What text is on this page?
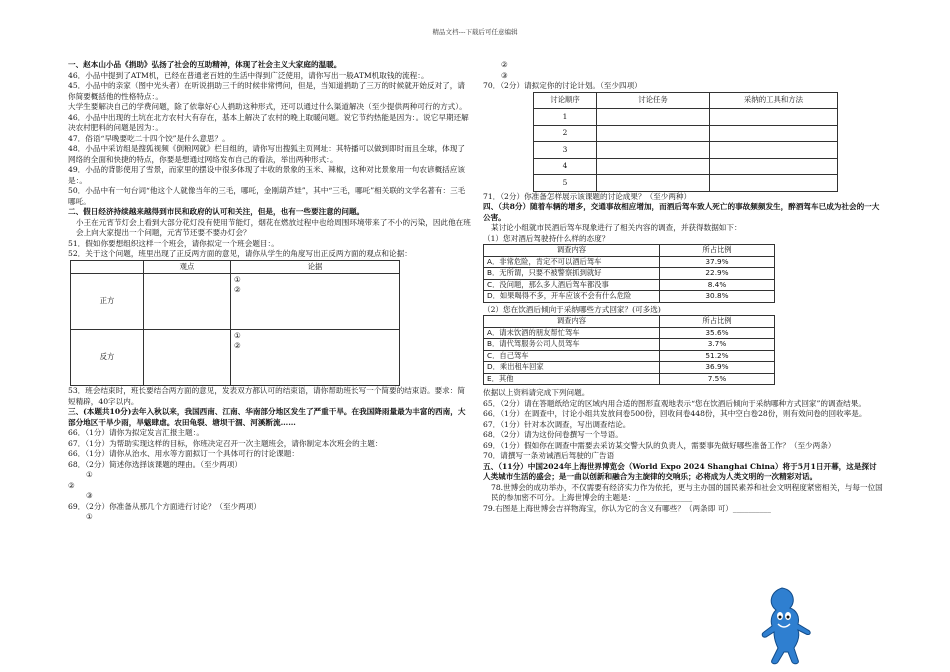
精品文档---下载后可任意编辑

一、赵本山小品《捐助》弘扬了社会的互助精神，体现了社会主义大家庭的温暖。

46．小品中提到了ATM机，已经在普通老百姓的生活中得到广泛使用，请你写出一般ATM机取钱的流程：。

45．小品中的亲家（图中光头者）在听说捐助三千的时候非常愕问，但是，当知道捐助了三万的时候就开始反对了，请你简要概括他的性格特点：。

大学生要解决自己的学费问题，除了依靠好心人捐助这种形式，还可以通过什么渠道解决（至少提供两种可行的方式）。

46．小品中出现的土坑在北方农村大有存在，基本上解决了农村的晚上取暖问题。说它节约热能是因为：。说它早期还解决农村肥料的问题是因为：。

47．俗语“早晚要吃二十四个饺”是什么意思？。

48．小品中采访组是搜狐视频《倒粮网就》栏目组的，请你写出搜狐主页网址：其特播可以做到即时而且全球，体现了网络的全面和快捷的特点，你要是想通过网络发布自己的看法，举出两种形式：。

49．小品的背影使用了雪景，而家里的摆设中很多体现了丰收的景象的玉米、辣椒，这种对比景象用一句农谚概括应该是：。

50．小品中有一句台词“他这个人就像当年的三毛，哪吒，金刚葫芦娃”，其中“三毛，哪吒”相关联的文学名著有：三毛哪吒。

二、假日经济持续越来越得到市民和政府的认可和关注，但是，也有一些要注意的问题。

小王在元宵节灯会上看到大部分花灯没有使用节能灯，烟花在燃放过程中也给周围环境带来了不小的污染，因此他在班会上向大家提出一个问题，元宵节还要不要办灯会？

51．假如你要想组织这样一个班会，请你拟定一个班会题目：。

52．关于这个问题，班里出现了正反两方面的意见，请你从学生的角度写出正反两方面的观点和论据：

	观点	论据
正方		①
②

反方		①
②

53．班会结束时，班长要结合两方面的意见，发表双方都认可的结束语，请你帮助班长写一个简要的结束语。要求：简短精辟，40字以内。

三、(本题共10分)去年入秋以来，我国西南、江南、华南部分地区发生了严重干旱。在我国降雨量最为丰富的西南，大部分地区干旱少雨，旱魃肆虐。农田龟裂、塘坝干涸、河溪断流……

66．（1分）请你为拟定发言汇报主题：。

67．（1分）为帮助实现这样的目标，你班决定召开一次主题班会，请你制定本次班会的主题：

66．（1分）请你从治水、用水等方面拟订一个具体可行的讨论课题：

68．（2分）简述你选择该课题的理由。（至少两项）

①

②

③

69．（2分）你准备从那几个方面进行讨论？（至少两项）

①

②

③

70．（2分）请拟定你的讨论计划。（至少四项）

讨论顺序	讨论任务	采纳的工具和方法
1		
2		
3		
4		
5		

71．（2分）你准备怎样展示该课题的讨论成果？（至少两种）

四、（共8分）随着车辆的增多，交通事故相应增加，而酒后驾车致人死亡的事故频频发生，醉酒驾车已成为社会的一大公害。

某讨论小组就市民酒后驾车现象进行了相关内容的调查，并获得数据如下：

（1）您对酒后驾驶持什么样的态度？

调查内容	所占比例
A．非常危险，肯定不可以酒后驾车	37.9%
B．无所谓，只要不被警察抓到就好	22.9%
C．没问题，那么多人酒后驾车都没事	8.4%
D．如果喝得不多，开车应该不会有什么危险	30.8%

（2）您在饮酒后倾向于采纳哪些方式回家？(可多选)

调查内容	所占比例
A．请未饮酒的朋友帮忙驾车	35.6%
B．请代驾服务公司人员驾车	3.7%
C．自己驾车	51.2%
D．乘出租车回家	36.9%
E．其他	7.5%

依据以上资料请完成下列问题。

65．（2分）请在答题纸给定的区域内用合适的图形直观地表示“您在饮酒后倾向于采纳哪种方式回家”的调查结果。

66．（1分）在调查中，讨论小组共发放问卷500份，回收问卷448份，其中空白卷28份，则有效问卷的回收率是。

67．（1分）针对本次调查，写出调查结论。

68．（2分）请为这份问卷撰写一个导语。

69．（1分）假如你在调查中需要去采访某交警大队的负责人，需要事先做好哪些准备工作？（至少两条）

70．请撰写一条劝诫酒后驾驶的广告语

五、（11分）中国2024年上海世界博览会（World Expo 2024 Shanghai China）将于5月1日开幕，这是探讨人类城市生活的盛会；是一曲以创新和融合为主旋律的交响乐；必将成为人类文明的一次精彩对话。

78.世博会的成功举办，不仅需要有经济实力作为依托，更与主办国的国民素养和社会文明程度紧密相关，与每一位国民的参加密不可分。上海世博会的主题是：_______________

79.右图是上海世博会吉祥物海宝，你认为它的含义有哪些？（两条即 可）__________
